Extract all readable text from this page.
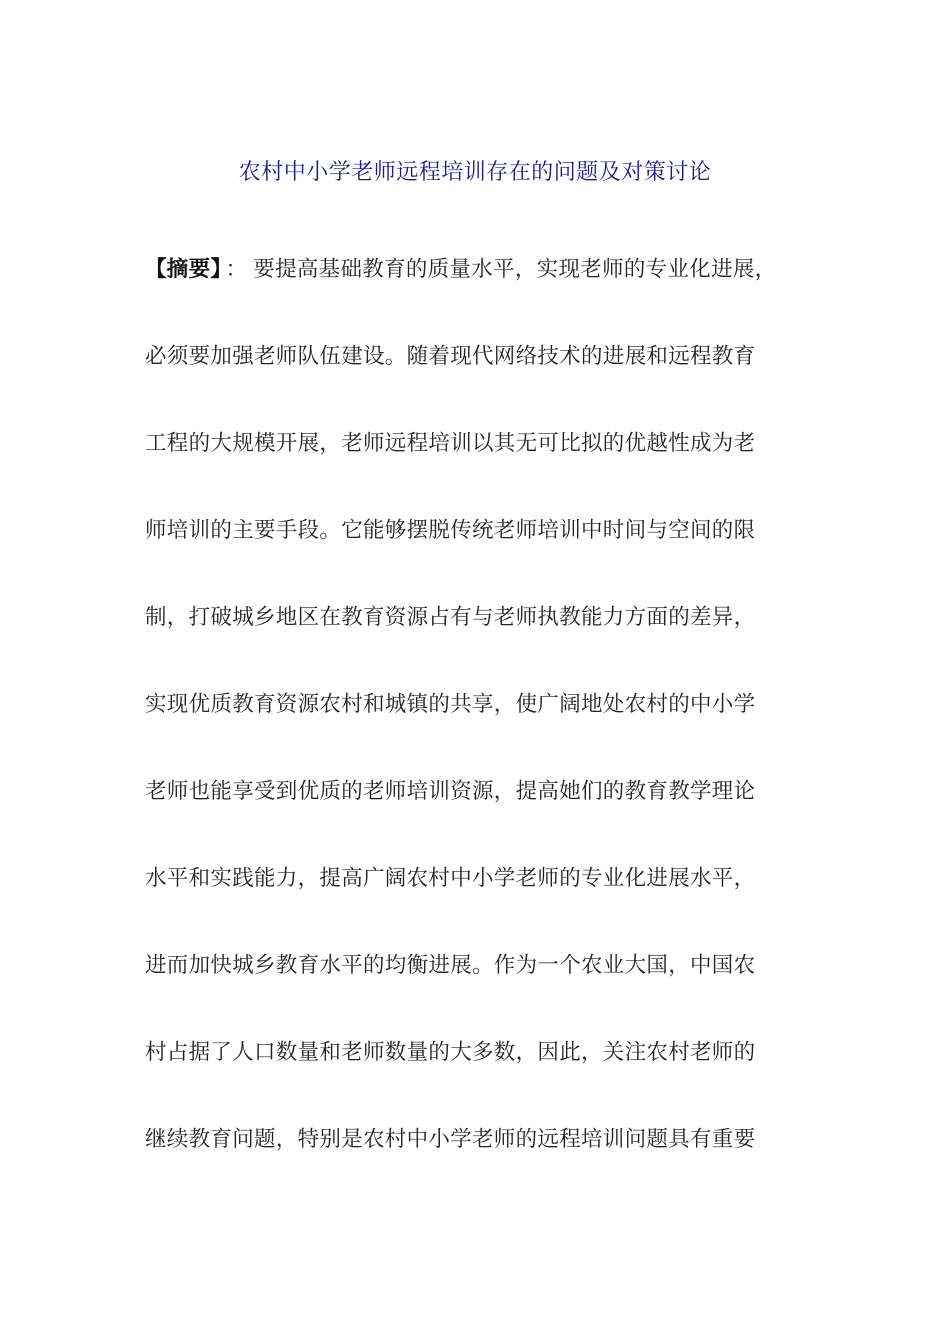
农村中小学老师远程培训存在的问题及对策讨论
【摘要】 ： 要提高基础教育的质量水平，实现老师的专业化进展，
必须要加强老师队伍建设。随着现代网络技术的进展和远程教育
工程的大规模开展，老师远程培训以其无可比拟的优越性成为老
师培训的主要手段。它能够摆脱传统老师培训中时间与空间的限
制，打破城乡地区在教育资源占有与老师执教能力方面的差异，
实现优质教育资源农村和城镇的共享，使广阔地处农村的中小学
老师也能享受到优质的老师培训资源，提高她们的教育教学理论
水平和实践能力，提高广阔农村中小学老师的专业化进展水平，
进而加快城乡教育水平的均衡进展。作为一个农业大国，中国农
村占据了人口数量和老师数量的大多数，因此，关注农村老师的
继续教育问题，特别是农村中小学老师的远程培训问题具有重要
